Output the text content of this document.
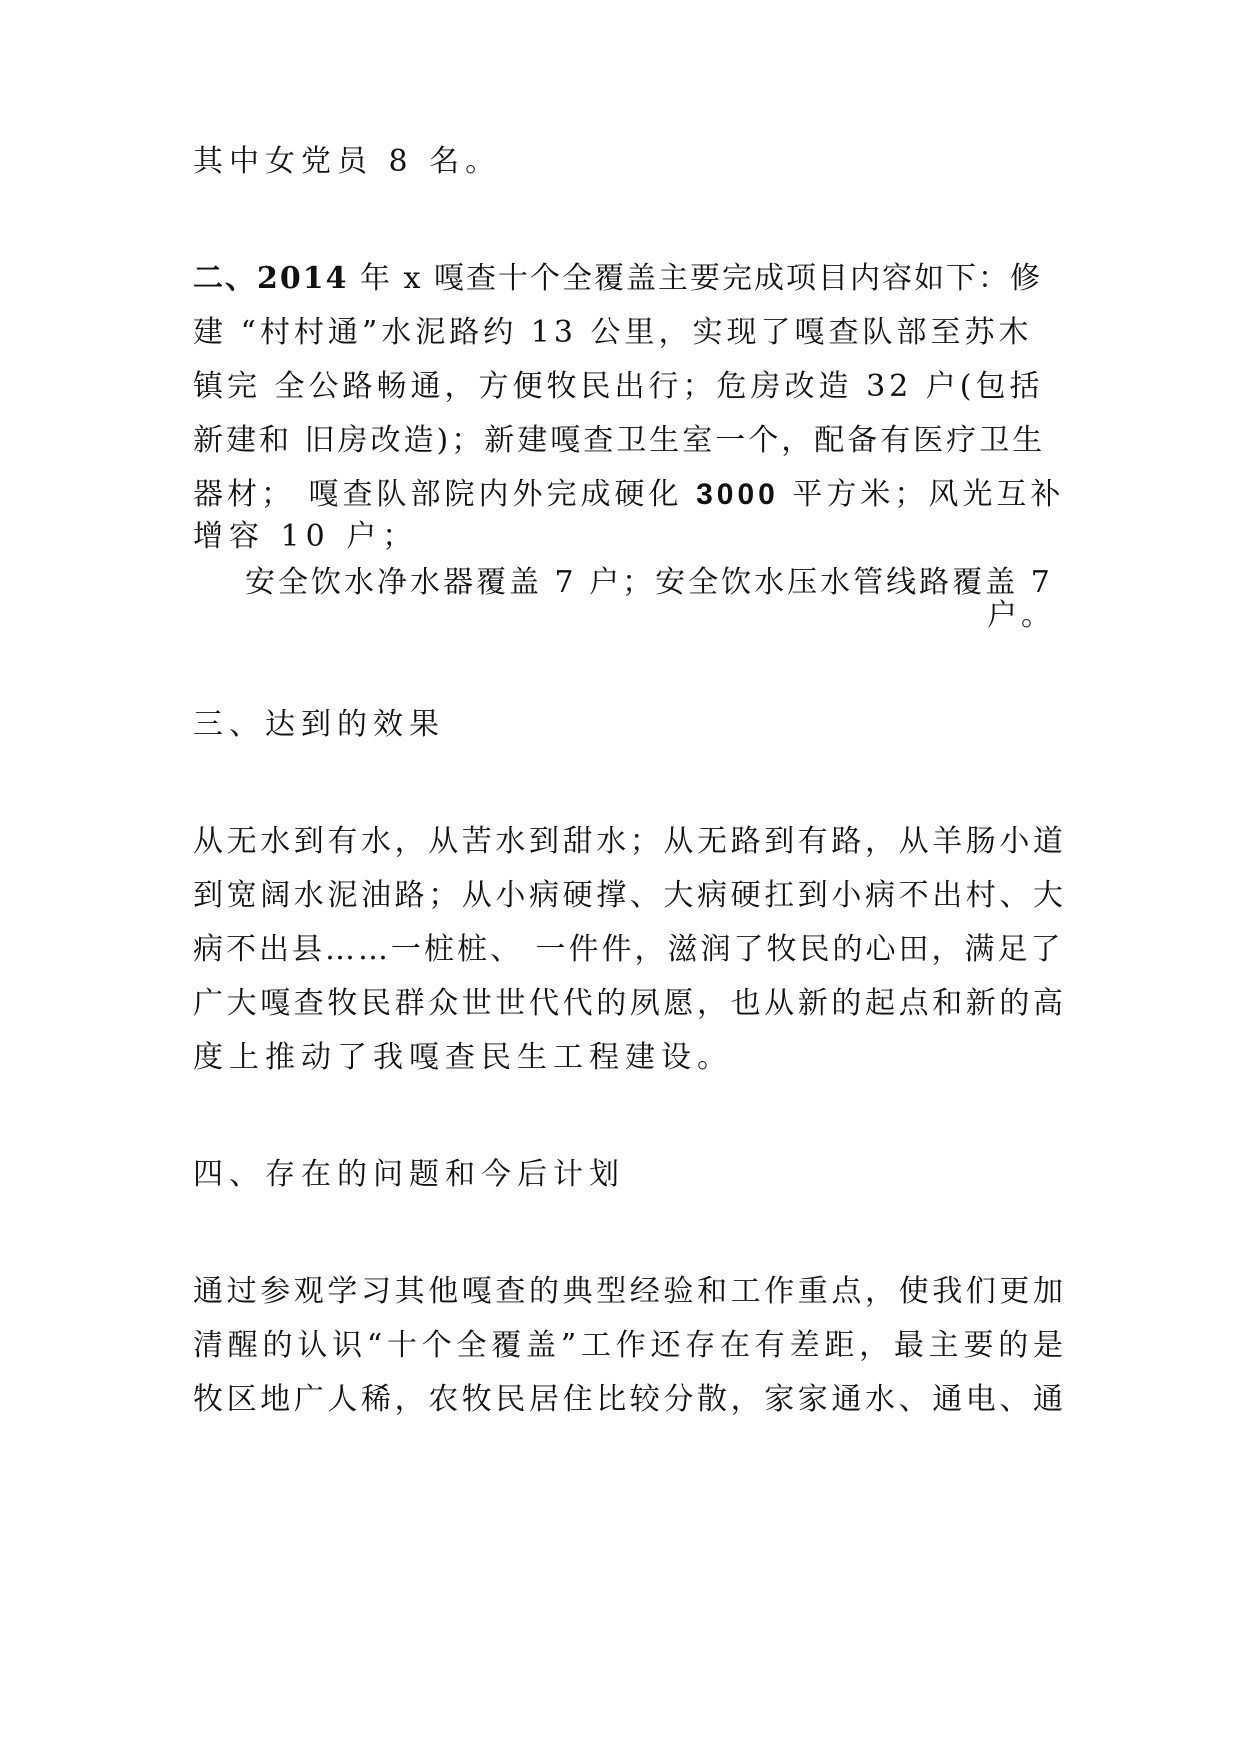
其中女党员 8 名。

二、2014 年 x 嘎查十个全覆盖主要完成项目内容如下：修

建 “村村通”水泥路约 13 公里，实现了嘎查队部至苏木

镇完 全公路畅通，方便牧民出行；危房改造 32 户(包括

新建和 旧房改造)；新建嘎查卫生室一个，配备有医疗卫生

器材； 嘎查队部院内外完成硬化 3000 平方米；风光互补

增容 10 户；

安全饮水净水器覆盖 7 户；安全饮水压水管线路覆盖 7

户。

三、达到的效果

从无水到有水，从苦水到甜水；从无路到有路，从羊肠小道

到宽阔水泥油路；从小病硬撑、大病硬扛到小病不出村、大

病不出县……一桩桩、 一件件，滋润了牧民的心田，满足了

广大嘎查牧民群众世世代代的夙愿，也从新的起点和新的高

度上推动了我嘎查民生工程建设。

四、存在的问题和今后计划

通过参观学习其他嘎查的典型经验和工作重点，使我们更加

清醒的认识“十个全覆盖”工作还存在有差距，最主要的是

牧区地广人稀，农牧民居住比较分散，家家通水、通电、通
